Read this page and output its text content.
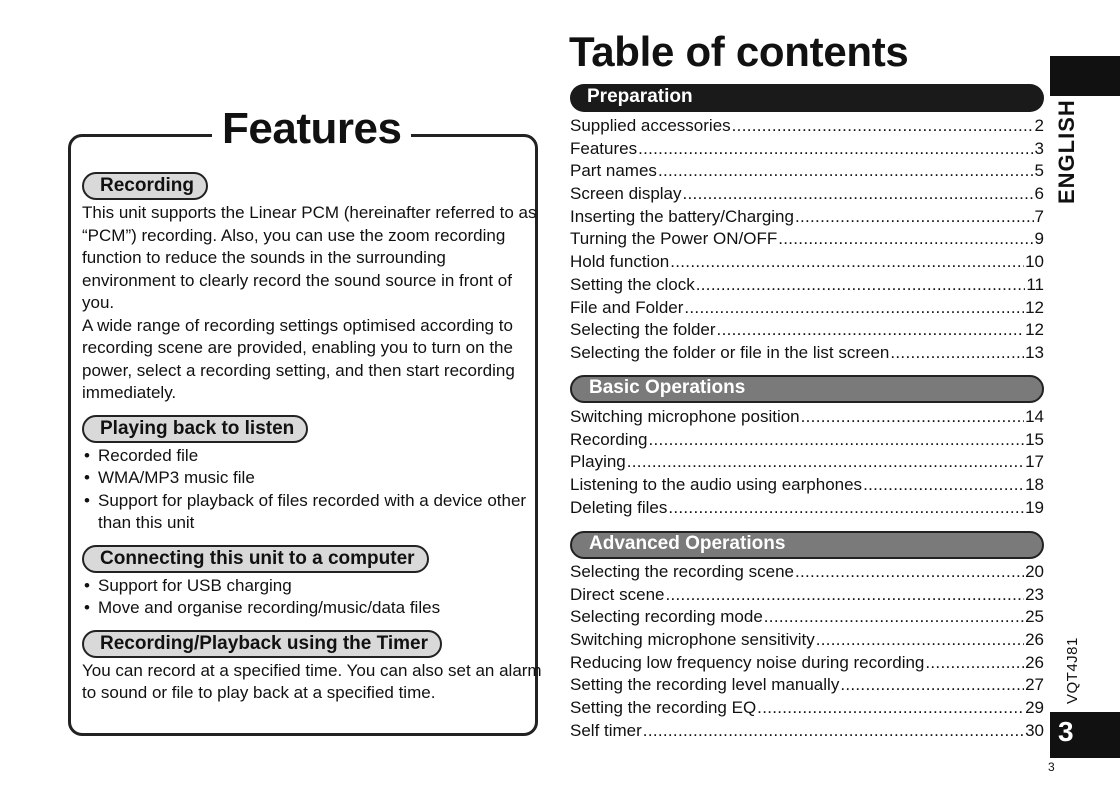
Features
Recording

This unit supports the Linear PCM (hereinafter referred to as “PCM”) recording. Also, you can use the zoom recording function to reduce the sounds in the surrounding environment to clearly record the sound source in front of you.

A wide range of recording settings optimised according to recording scene are provided, enabling you to turn on the power, select a recording setting, and then start recording immediately.

Playing back to listen
• Recorded file
• WMA/MP3 music file
• Support for playback of files recorded with a device other than this unit
Connecting this unit to a computer
• Support for USB charging
• Move and organise recording/music/data files
Recording/Playback using the Timer

You can record at a specified time. You can also set an alarm to sound or file to play back at a specified time.

Table of contents
Preparation
Supplied accessories .....	2
Features .....	3
Part names .....	5
Screen display .....	6
Inserting the battery/Charging .....	7
Turning the Power ON/OFF .....	9
Hold function .....	10
Setting the clock .....	11
File and Folder .....	12
Selecting the folder .....	12
Selecting the folder or file in the list screen .....	13
Basic Operations
Switching microphone position .....	14
Recording .....	15
Playing .....	17
Listening to the audio using earphones .....	18
Deleting files .....	19
Advanced Operations
Selecting the recording scene .....	20
Direct scene .....	23
Selecting recording mode .....	25
Switching microphone sensitivity .....	26
Reducing low frequency noise during recording .....	26
Setting the recording level manually .....	27
Setting the recording EQ .....	29
Self timer .....	30
ENGLISH
VQT4J81
3
3
